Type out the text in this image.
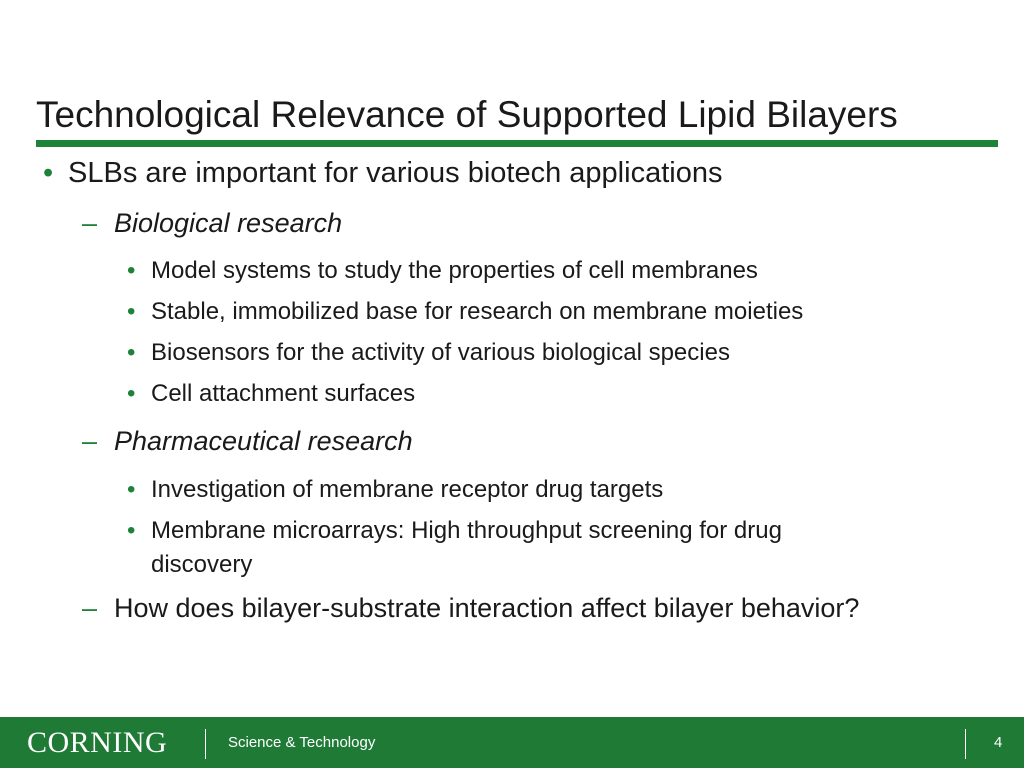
Technological Relevance of Supported Lipid Bilayers
• SLBs are important for various biotech applications
– Biological research
• Model systems to study the properties of cell membranes
• Stable, immobilized base for research on membrane moieties
• Biosensors for the activity of various biological species
• Cell attachment surfaces
– Pharmaceutical research
• Investigation of membrane receptor drug targets
• Membrane microarrays: High throughput screening for drug
discovery
– How does bilayer-substrate interaction affect bilayer behavior?
CORNING	Science & Technology	4
